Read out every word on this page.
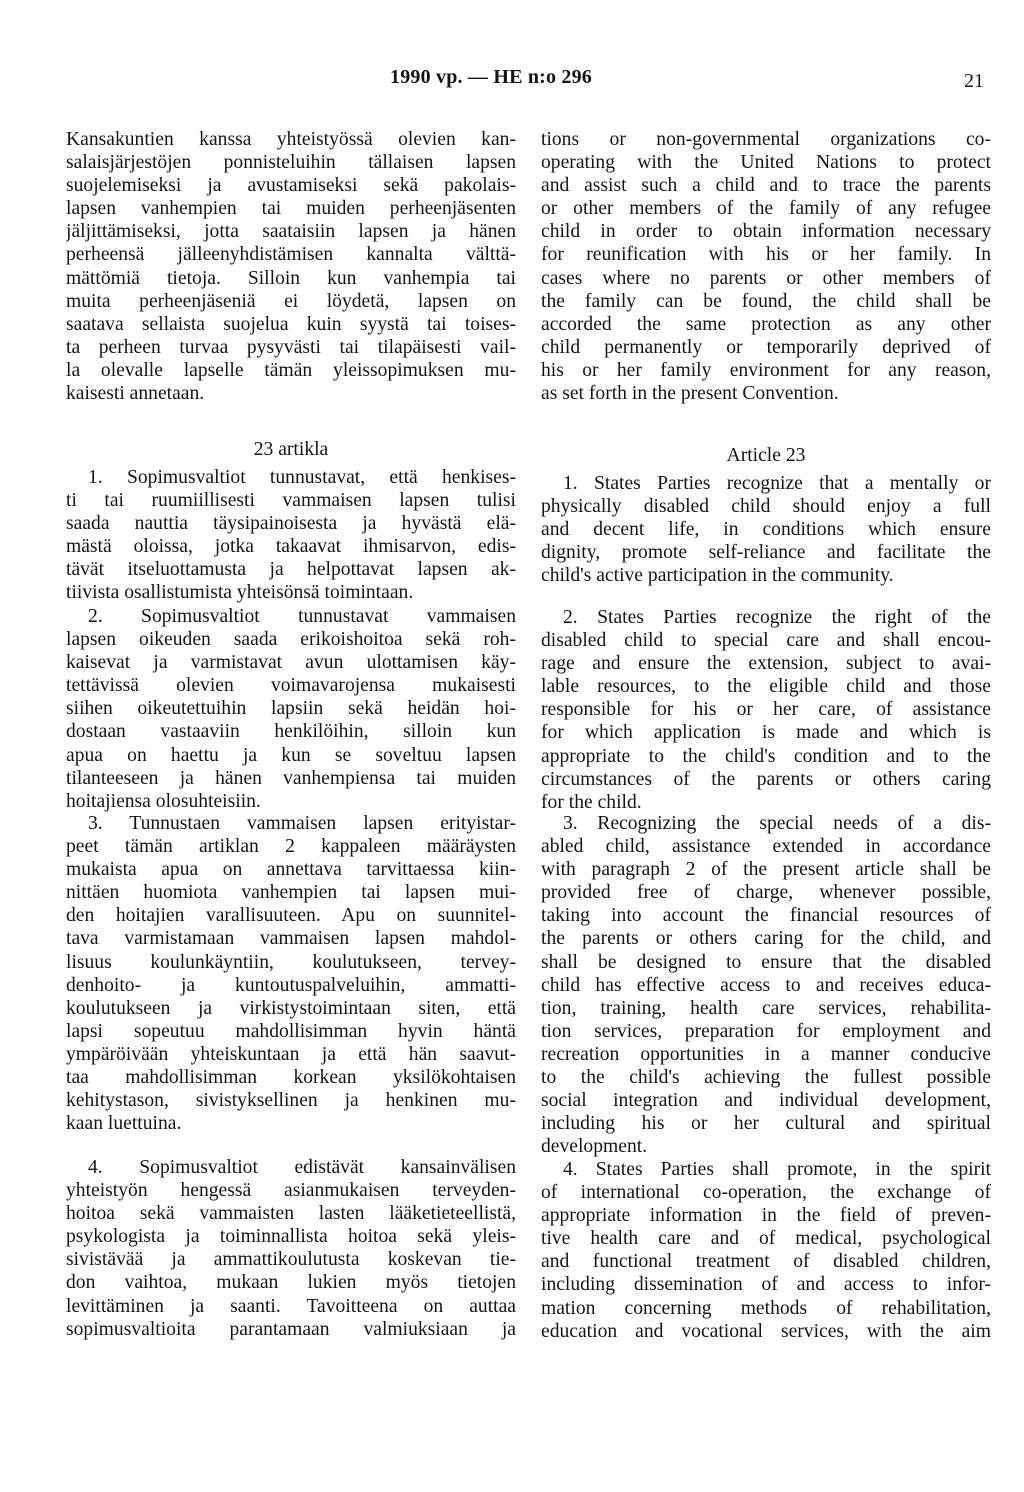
1990 vp. — HE n:o 296	21
Kansakuntien kanssa yhteistyössä olevien kan-
salaisjärjestöjen ponnisteluihin tällaisen lapsen
suojelemiseksi ja avustamiseksi sekä pakolais-
lapsen vanhempien tai muiden perheenjäsenten
jäljittämiseksi, jotta saataisiin lapsen ja hänen
perheensä jälleenyhdistämisen kannalta välttä-
mättömiä tietoja. Silloin kun vanhempia tai
muita perheenjäseniä ei löydetä, lapsen on
saatava sellaista suojelua kuin syystä tai toises-
ta perheen turvaa pysyvästi tai tilapäisesti vail-
la olevalle lapselle tämän yleissopimuksen mu-
kaisesti annetaan.
23 artikla
1. Sopimusvaltiot tunnustavat, että henkises-
ti tai ruumiillisesti vammaisen lapsen tulisi
saada nauttia täysipainoisesta ja hyvästä elä-
mästä oloissa, jotka takaavat ihmisarvon, edis-
tävät itseluottamusta ja helpottavat lapsen ak-
tiivista osallistumista yhteisönsä toimintaan.
2. Sopimusvaltiot tunnustavat vammaisen
lapsen oikeuden saada erikoishoitoa sekä roh-
kaisevat ja varmistavat avun ulottamisen käy-
tettävissä olevien voimavarojensa mukaisesti
siihen oikeutettuihin lapsiin sekä heidän hoi-
dostaan vastaaviin henkilöihin, silloin kun
apua on haettu ja kun se soveltuu lapsen
tilanteeseen ja hänen vanhempiensa tai muiden
hoitajiensa olosuhteisiin.
3. Tunnustaen vammaisen lapsen erityistar-
peet tämän artiklan 2 kappaleen määräysten
mukaista apua on annettava tarvittaessa kiin-
nittäen huomiota vanhempien tai lapsen mui-
den hoitajien varallisuuteen. Apu on suunnitel-
tava varmistamaan vammaisen lapsen mahdol-
lisuus koulunkäyntiin, koulutukseen, tervey-
denhoito- ja kuntoutuspalveluihin, ammatti-
koulutukseen ja virkistystoimintaan siten, että
lapsi sopeutuu mahdollisimman hyvin häntä
ympäröivään yhteiskuntaan ja että hän saavut-
taa mahdollisimman korkean yksilökohtaisen
kehitystason, sivistyksellinen ja henkinen mu-
kaan luettuina.
4. Sopimusvaltiot edistävät kansainvälisen
yhteistyön hengessä asianmukaisen terveyden-
hoitoa sekä vammaisten lasten lääketieteellistä,
psykologista ja toiminnallista hoitoa sekä yleis-
sivistävää ja ammattikoulutusta koskevan tie-
don vaihtoa, mukaan lukien myös tietojen
levittäminen ja saanti. Tavoitteena on auttaa
sopimusvaltioita parantamaan valmiuksiaan ja
tions or non-governmental organizations co-
operating with the United Nations to protect
and assist such a child and to trace the parents
or other members of the family of any refugee
child in order to obtain information necessary
for reunification with his or her family. In
cases where no parents or other members of
the family can be found, the child shall be
accorded the same protection as any other
child permanently or temporarily deprived of
his or her family environment for any reason,
as set forth in the present Convention.
Article 23
1. States Parties recognize that a mentally or
physically disabled child should enjoy a full
and decent life, in conditions which ensure
dignity, promote self-reliance and facilitate the
child's active participation in the community.
2. States Parties recognize the right of the
disabled child to special care and shall encou-
rage and ensure the extension, subject to avai-
lable resources, to the eligible child and those
responsible for his or her care, of assistance
for which application is made and which is
appropriate to the child's condition and to the
circumstances of the parents or others caring
for the child.
3. Recognizing the special needs of a dis-
abled child, assistance extended in accordance
with paragraph 2 of the present article shall be
provided free of charge, whenever possible,
taking into account the financial resources of
the parents or others caring for the child, and
shall be designed to ensure that the disabled
child has effective access to and receives educa-
tion, training, health care services, rehabilita-
tion services, preparation for employment and
recreation opportunities in a manner conducive
to the child's achieving the fullest possible
social integration and individual development,
including his or her cultural and spiritual
development.
4. States Parties shall promote, in the spirit
of international co-operation, the exchange of
appropriate information in the field of preven-
tive health care and of medical, psychological
and functional treatment of disabled children,
including dissemination of and access to infor-
mation concerning methods of rehabilitation,
education and vocational services, with the aim
